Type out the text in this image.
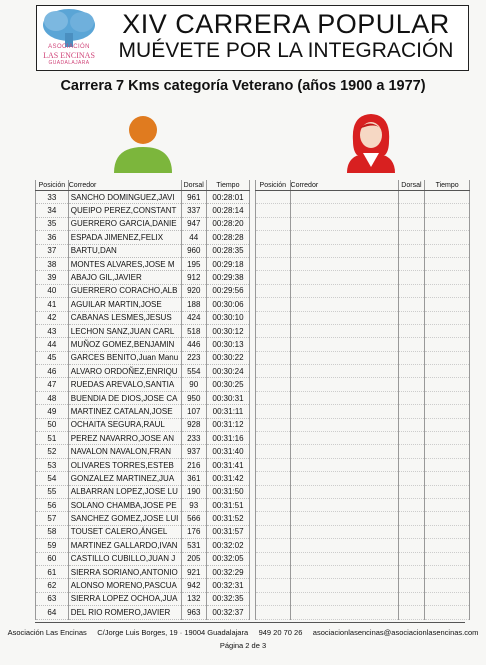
ASOCIACIÓN
LAS ENCINAS
GUADALAJARA
XIV CARRERA POPULAR
MUÉVETE POR LA INTEGRACIÓN
Carrera 7 Kms categoría Veterano (años 1900 a 1977)
Posición	Corredor	Dorsal	Tiempo
33	SANCHO DOMINGUEZ,JAVI	961	00:28:01
34	QUEIPO PEREZ,CONSTANT	337	00:28:14
35	GUERRERO GARCIA,DANIE	947	00:28:20
36	ESPADA JIMENEZ,FELIX	44	00:28:28
37	BARTU,DAN	960	00:28:35
38	MONTES ALVARES,JOSE M	195	00:29:18
39	ABAJO GIL,JAVIER	912	00:29:38
40	GUERRERO CORACHO,ALB	920	00:29:56
41	AGUILAR MARTIN,JOSE	188	00:30:06
42	CABANAS LESMES,JESUS	424	00:30:10
43	LECHON SANZ,JUAN CARL	518	00:30:12
44	MUÑOZ GOMEZ,BENJAMIN	446	00:30:13
45	GARCES BENITO,Juan Manu	223	00:30:22
46	ALVARO ORDOÑEZ,ENRIQU	554	00:30:24
47	RUEDAS AREVALO,SANTIA	90	00:30:25
48	BUENDIA DE DIOS,JOSE CA	950	00:30:31
49	MARTINEZ CATALAN,JOSE	107	00:31:11
50	OCHAITA SEGURA,RAUL	928	00:31:12
51	PEREZ NAVARRO,JOSE AN	233	00:31:16
52	NAVALON NAVALON,FRAN	937	00:31:40
53	OLIVARES TORRES,ESTEB	216	00:31:41
54	GONZALEZ MARTINEZ,JUA	361	00:31:42
55	ALBARRAN LOPEZ,JOSE LU	190	00:31:50
56	SOLANO CHAMBA,JOSE PE	93	00:31:51
57	SANCHEZ GOMEZ,JOSE LUI	566	00:31:52
58	TOUSET CALERO,ÁNGEL	176	00:31:57
59	MARTINEZ GALLARDO,IVAN	531	00:32:02
60	CASTILLO CUBILLO,JUAN J	205	00:32:05
61	SIERRA SORIANO,ANTONIO	921	00:32:29
62	ALONSO MORENO,PASCUA	942	00:32:31
63	SIERRA LOPEZ OCHOA,JUA	132	00:32:35
64	DEL RIO ROMERO,JAVIER	963	00:32:37
Posición	Corredor	Dorsal	Tiempo

Asociación Las Encinas C/Jorge Luis Borges, 19 · 19004 Guadalajara 949 20 70 26 asociacionlasencinas@asociacionlasencinas.com
Página 2 de 3
